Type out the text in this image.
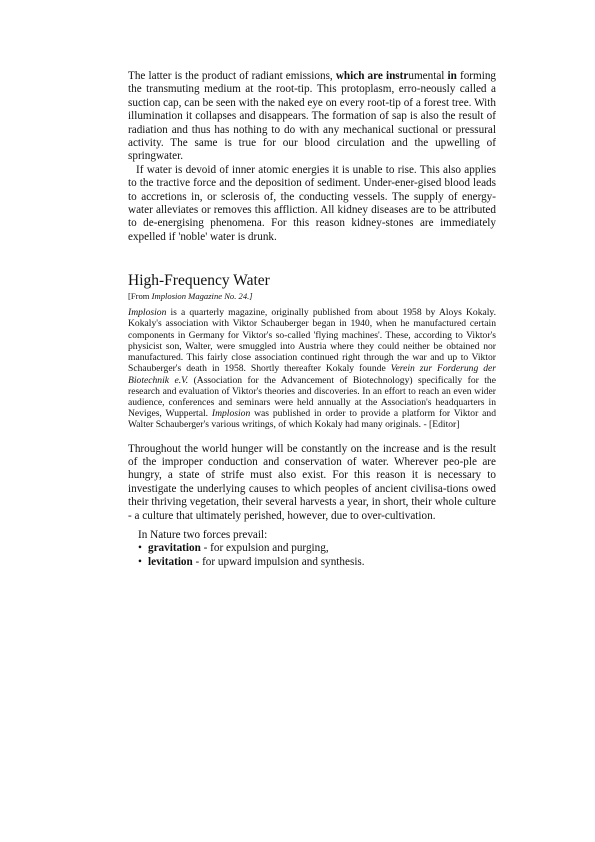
The latter is the product of radiant emissions, which are instrumental in forming the transmuting medium at the root-tip. This protoplasm, erro-neously called a suction cap, can be seen with the naked eye on every root-tip of a forest tree. With illumination it collapses and disappears. The formation of sap is also the result of radiation and thus has nothing to do with any mechanical suctional or pressural activity. The same is true for our blood circulation and the upwelling of springwater.

If water is devoid of inner atomic energies it is unable to rise. This also applies to the tractive force and the deposition of sediment. Under-ener-gised blood leads to accretions in, or sclerosis of, the conducting vessels. The supply of energy-water alleviates or removes this affliction. All kidney diseases are to be attributed to de-energising phenomena. For this reason kidney-stones are immediately expelled if 'noble' water is drunk.

High-Frequency Water
[From Implosion Magazine No. 24.]

Implosion is a quarterly magazine, originally published from about 1958 by Aloys Kokaly. Kokaly's association with Viktor Schauberger began in 1940, when he manufactured certain components in Germany for Viktor's so-called 'flying machines'. These, according to Viktor's physicist son, Walter, were smuggled into Austria where they could neither be obtained nor manufactured. This fairly close association continued right through the war and up to Viktor Schauberger's death in 1958. Shortly thereafter Kokaly founde Verein zur Forderung der Biotechnik e.V. (Association for the Advancement of Biotechnology) specifically for the research and evaluation of Viktor's theories and discoveries. In an effort to reach an even wider audience, conferences and seminars were held annually at the Association's headquarters in Neviges, Wuppertal. Implosion was published in order to provide a platform for Viktor and Walter Schauberger's various writings, of which Kokaly had many originals. - [Editor]

Throughout the world hunger will be constantly on the increase and is the result of the improper conduction and conservation of water. Wherever peo-ple are hungry, a state of strife must also exist. For this reason it is necessary to investigate the underlying causes to which peoples of ancient civilisa-tions owed their thriving vegetation, their several harvests a year, in short, their whole culture - a culture that ultimately perished, however, due to over-cultivation.

In Nature two forces prevail:
• gravitation - for expulsion and purging,
• levitation - for upward impulsion and synthesis.
